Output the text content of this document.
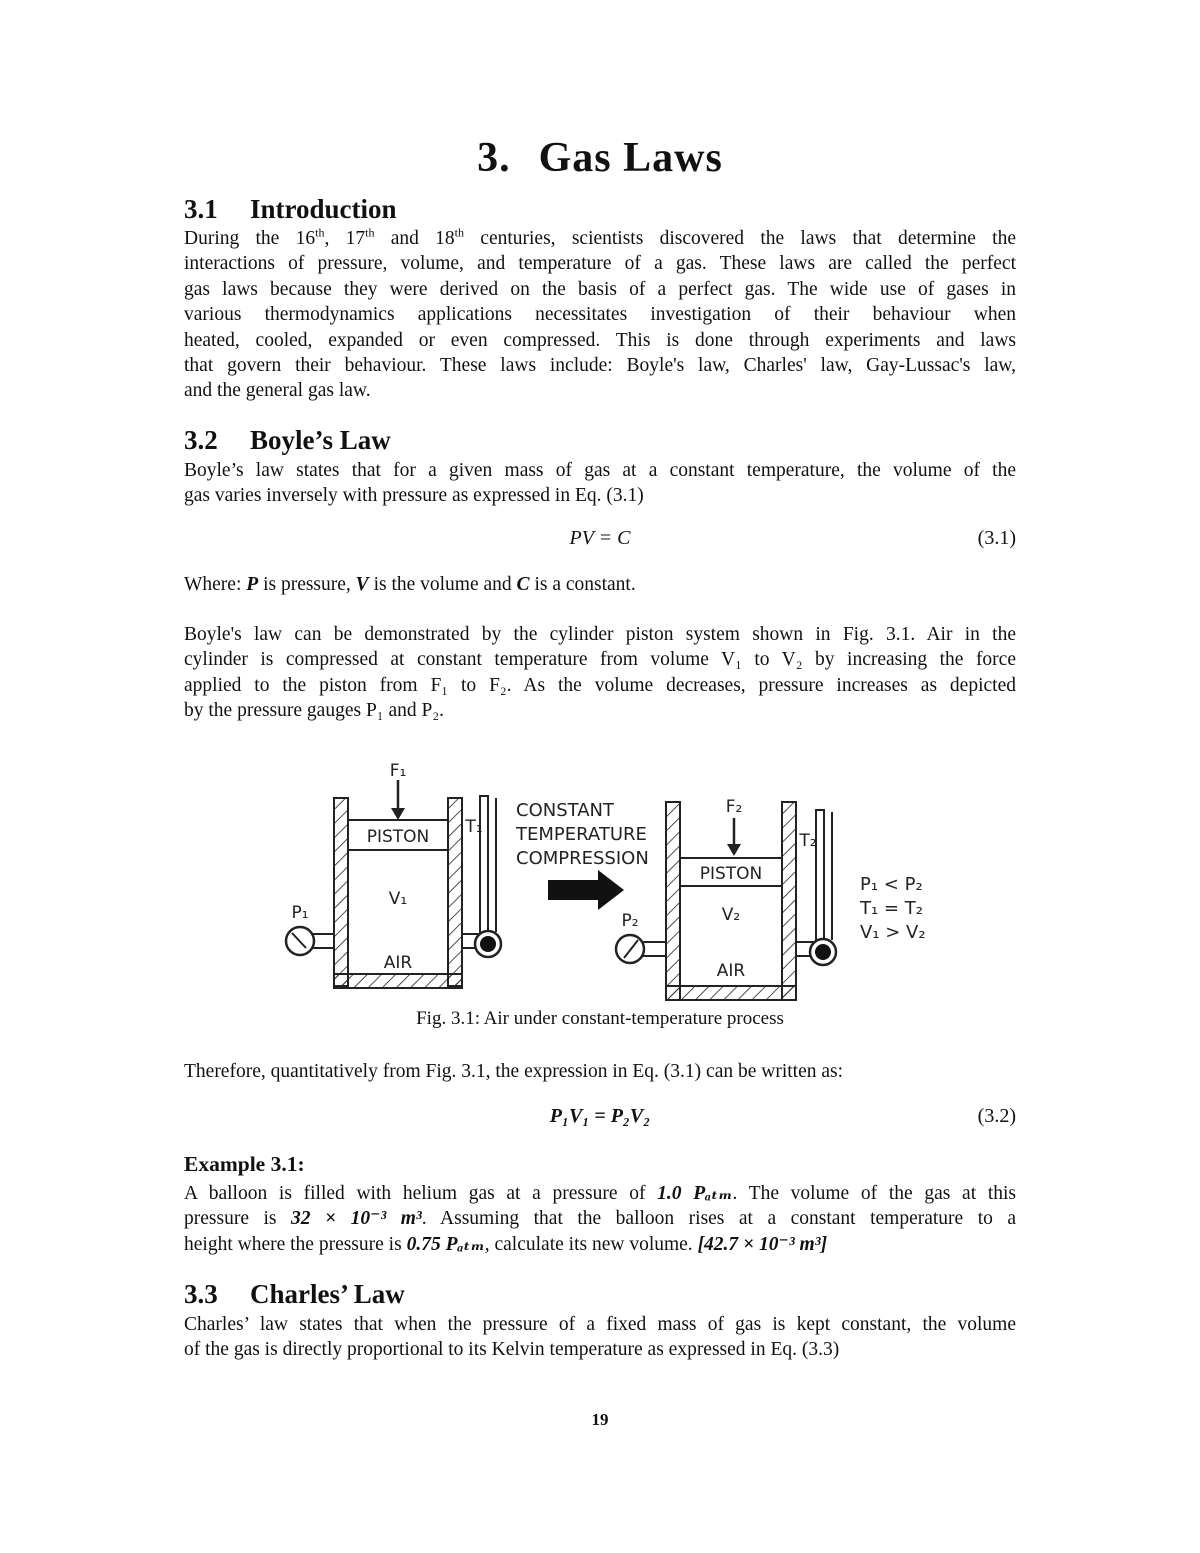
3. Gas Laws
3.1 Introduction
During the 16th, 17th and 18th centuries, scientists discovered the laws that determine the
interactions of pressure, volume, and temperature of a gas. These laws are called the perfect
gas laws because they were derived on the basis of a perfect gas. The wide use of gases in
various thermodynamics applications necessitates investigation of their behaviour when
heated, cooled, expanded or even compressed. This is done through experiments and laws
that govern their behaviour. These laws include: Boyle's law, Charles' law, Gay-Lussac's law,
and the general gas law.
3.2 Boyle’s Law
Boyle’s law states that for a given mass of gas at a constant temperature, the volume of the
gas varies inversely with pressure as expressed in Eq. (3.1)
PV = C	(3.1)
Where: P is pressure, V is the volume and C is a constant.
Boyle's law can be demonstrated by the cylinder piston system shown in Fig. 3.1. Air in the
cylinder is compressed at constant temperature from volume V₁ to V₂ by increasing the force
applied to the piston from F₁ to F₂. As the volume decreases, pressure increases as depicted
by the pressure gauges P₁ and P₂.
PISTON
F₁
V₁
AIR
P₁
T₁
CONSTANT
TEMPERATURE
COMPRESSION
PISTON
F₂
V₂
AIR
P₂
T₂
P₁ < P₂
T₁ = T₂
V₁ > V₂
Fig. 3.1: Air under constant-temperature process
Therefore, quantitatively from Fig. 3.1, the expression in Eq. (3.1) can be written as:
P₁V₁ = P₂V₂	(3.2)
Example 3.1:
A balloon is filled with helium gas at a pressure of 1.0 Pₐₜₘ. The volume of the gas at this
pressure is 32 × 10⁻³ m³. Assuming that the balloon rises at a constant temperature to a
height where the pressure is 0.75 Pₐₜₘ, calculate its new volume. [42.7 × 10⁻³ m³]
3.3 Charles’ Law
Charles’ law states that when the pressure of a fixed mass of gas is kept constant, the volume
of the gas is directly proportional to its Kelvin temperature as expressed in Eq. (3.3)
19
